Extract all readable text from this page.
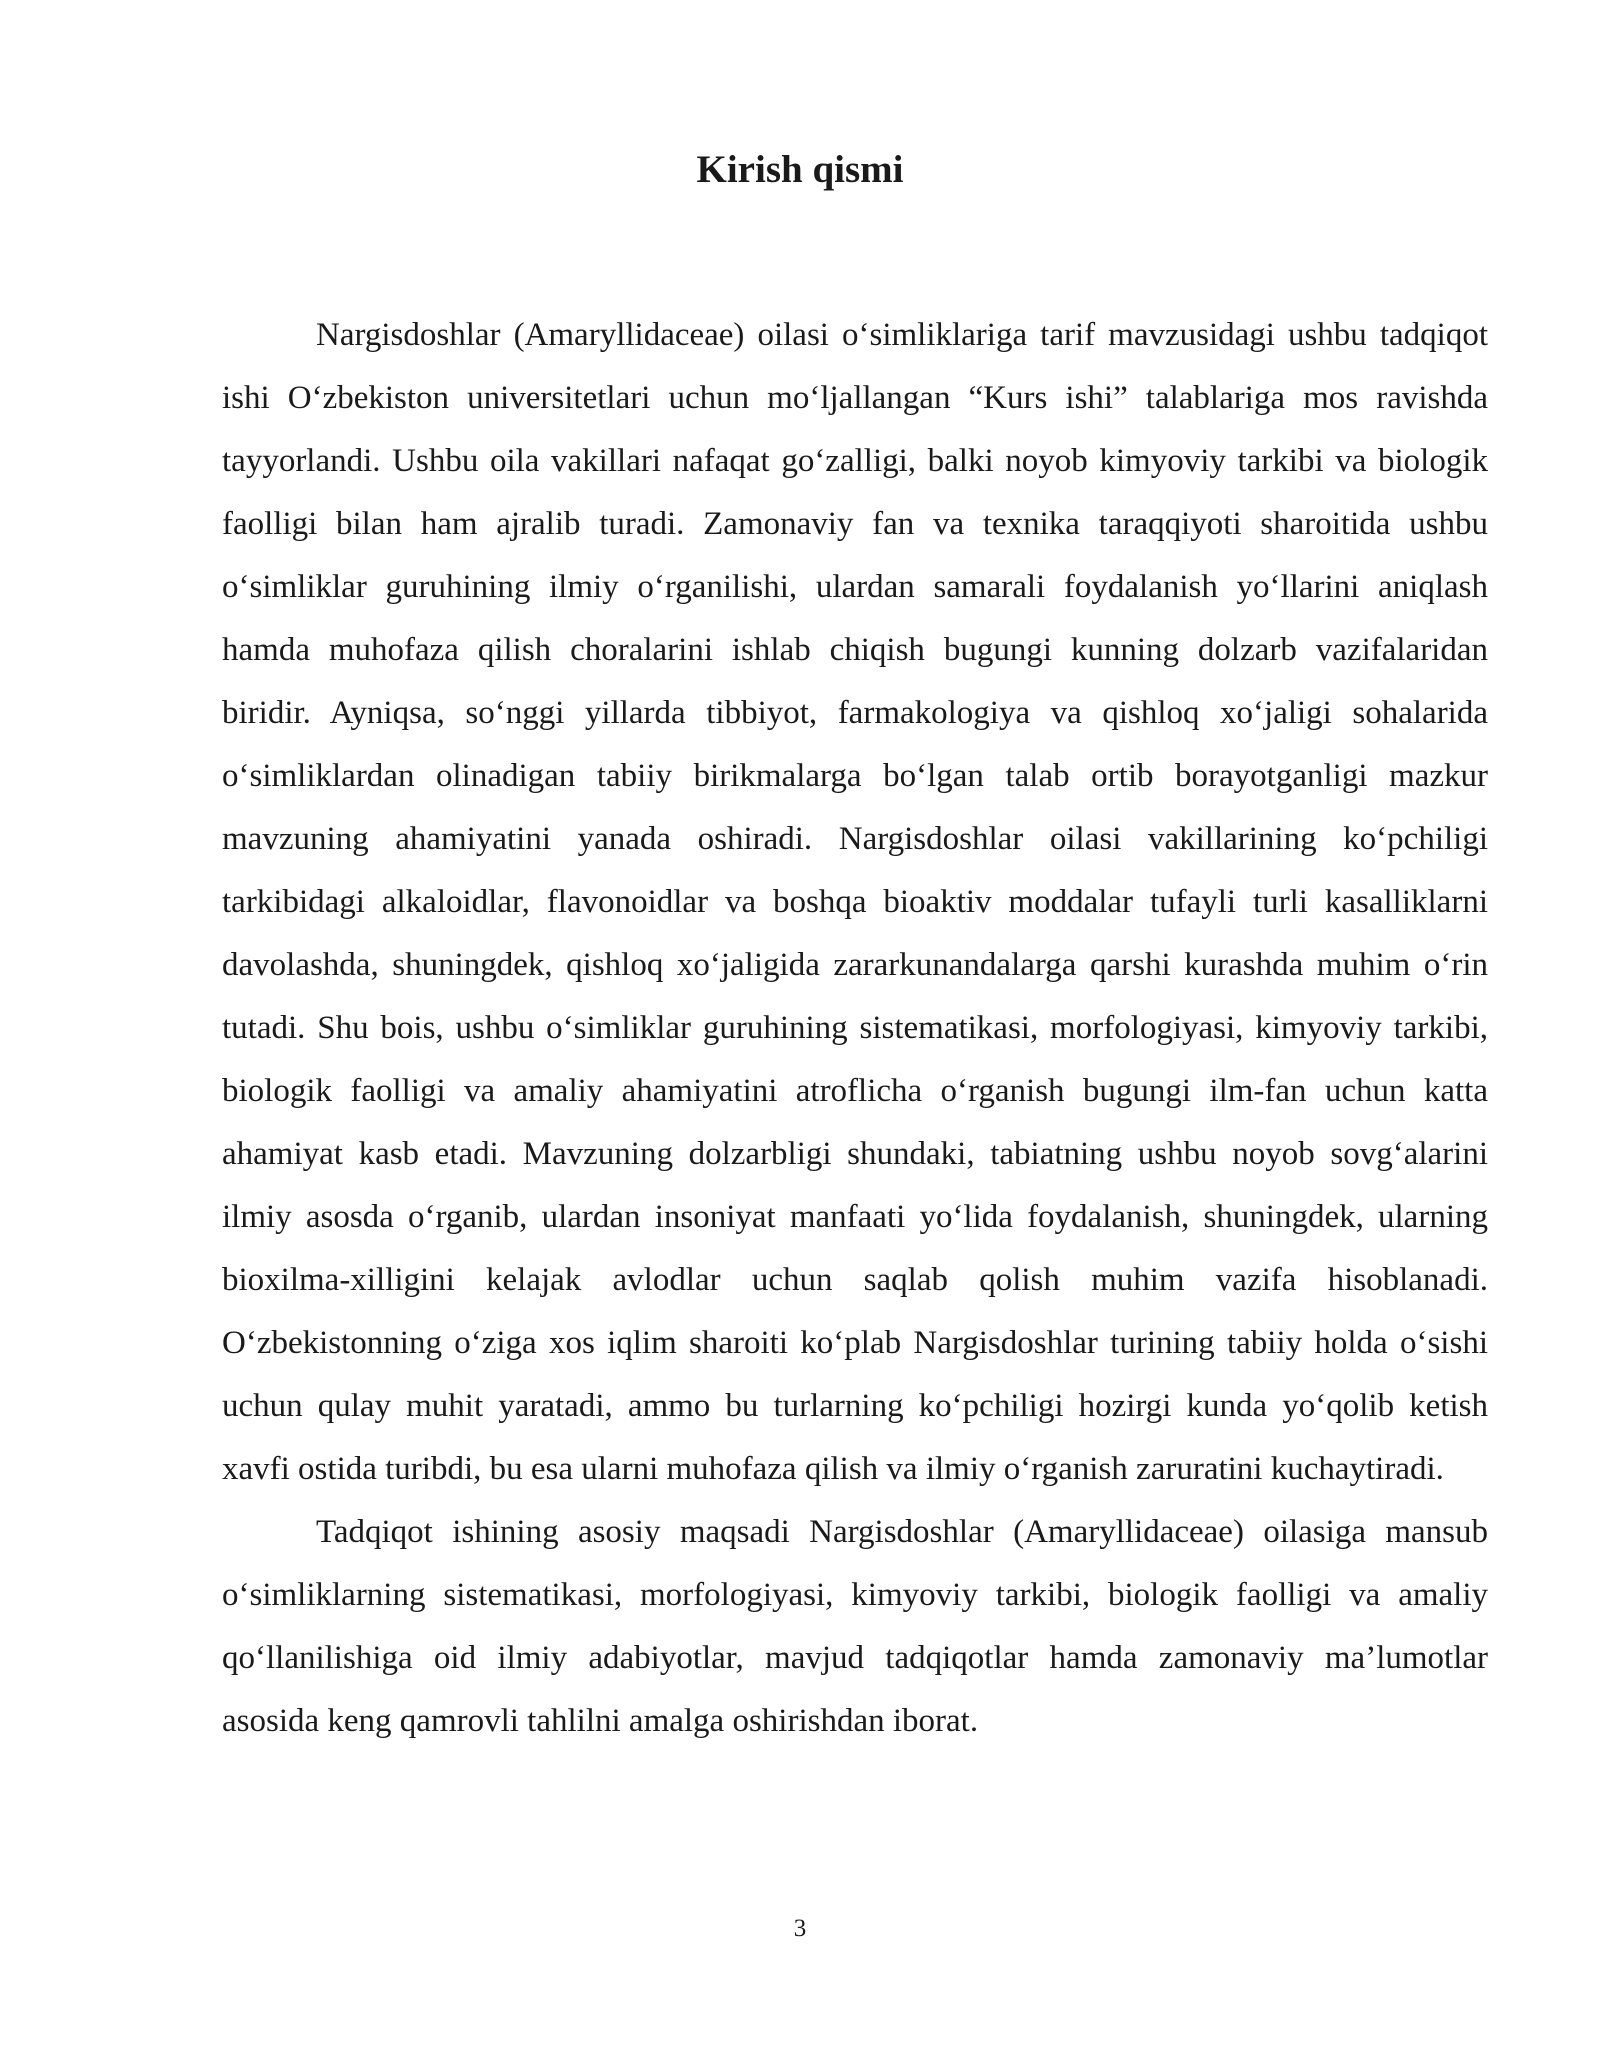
Kirish qismi

Nargisdoshlar (Amaryllidaceae) oilasi o‘simliklariga tarif mavzusidagi ushbu tadqiqot ishi O‘zbekiston universitetlari uchun mo‘ljallangan “Kurs ishi” talablariga mos ravishda tayyorlandi. Ushbu oila vakillari nafaqat go‘zalligi, balki noyob kimyoviy tarkibi va biologik faolligi bilan ham ajralib turadi. Zamonaviy fan va texnika taraqqiyoti sharoitida ushbu o‘simliklar guruhining ilmiy o‘rganilishi, ulardan samarali foydalanish yo‘llarini aniqlash hamda muhofaza qilish choralarini ishlab chiqish bugungi kunning dolzarb vazifalaridan biridir. Ayniqsa, so‘nggi yillarda tibbiyot, farmakologiya va qishloq xo‘jaligi sohalarida o‘simliklardan olinadigan tabiiy birikmalarga bo‘lgan talab ortib borayotganligi mazkur mavzuning ahamiyatini yanada oshiradi. Nargisdoshlar oilasi vakillarining ko‘pchiligi tarkibidagi alkaloidlar, flavonoidlar va boshqa bioaktiv moddalar tufayli turli kasalliklarni davolashda, shuningdek, qishloq xo‘jaligida zararkunandalarga qarshi kurashda muhim o‘rin tutadi. Shu bois, ushbu o‘simliklar guruhining sistematikasi, morfologiyasi, kimyoviy tarkibi, biologik faolligi va amaliy ahamiyatini atroflicha o‘rganish bugungi ilm-fan uchun katta ahamiyat kasb etadi. Mavzuning dolzarbligi shundaki, tabiatning ushbu noyob sovg‘alarini ilmiy asosda o‘rganib, ulardan insoniyat manfaati yo‘lida foydalanish, shuningdek, ularning bioxilma-xilligini kelajak avlodlar uchun saqlab qolish muhim vazifa hisoblanadi. O‘zbekistonning o‘ziga xos iqlim sharoiti ko‘plab Nargisdoshlar turining tabiiy holda o‘sishi uchun qulay muhit yaratadi, ammo bu turlarning ko‘pchiligi hozirgi kunda yo‘qolib ketish xavfi ostida turibdi, bu esa ularni muhofaza qilish va ilmiy o‘rganish zaruratini kuchaytiradi.

Tadqiqot ishining asosiy maqsadi Nargisdoshlar (Amaryllidaceae) oilasiga mansub o‘simliklarning sistematikasi, morfologiyasi, kimyoviy tarkibi, biologik faolligi va amaliy qo‘llanilishiga oid ilmiy adabiyotlar, mavjud tadqiqotlar hamda zamonaviy ma’lumotlar asosida keng qamrovli tahlilni amalga oshirishdan iborat.

3
